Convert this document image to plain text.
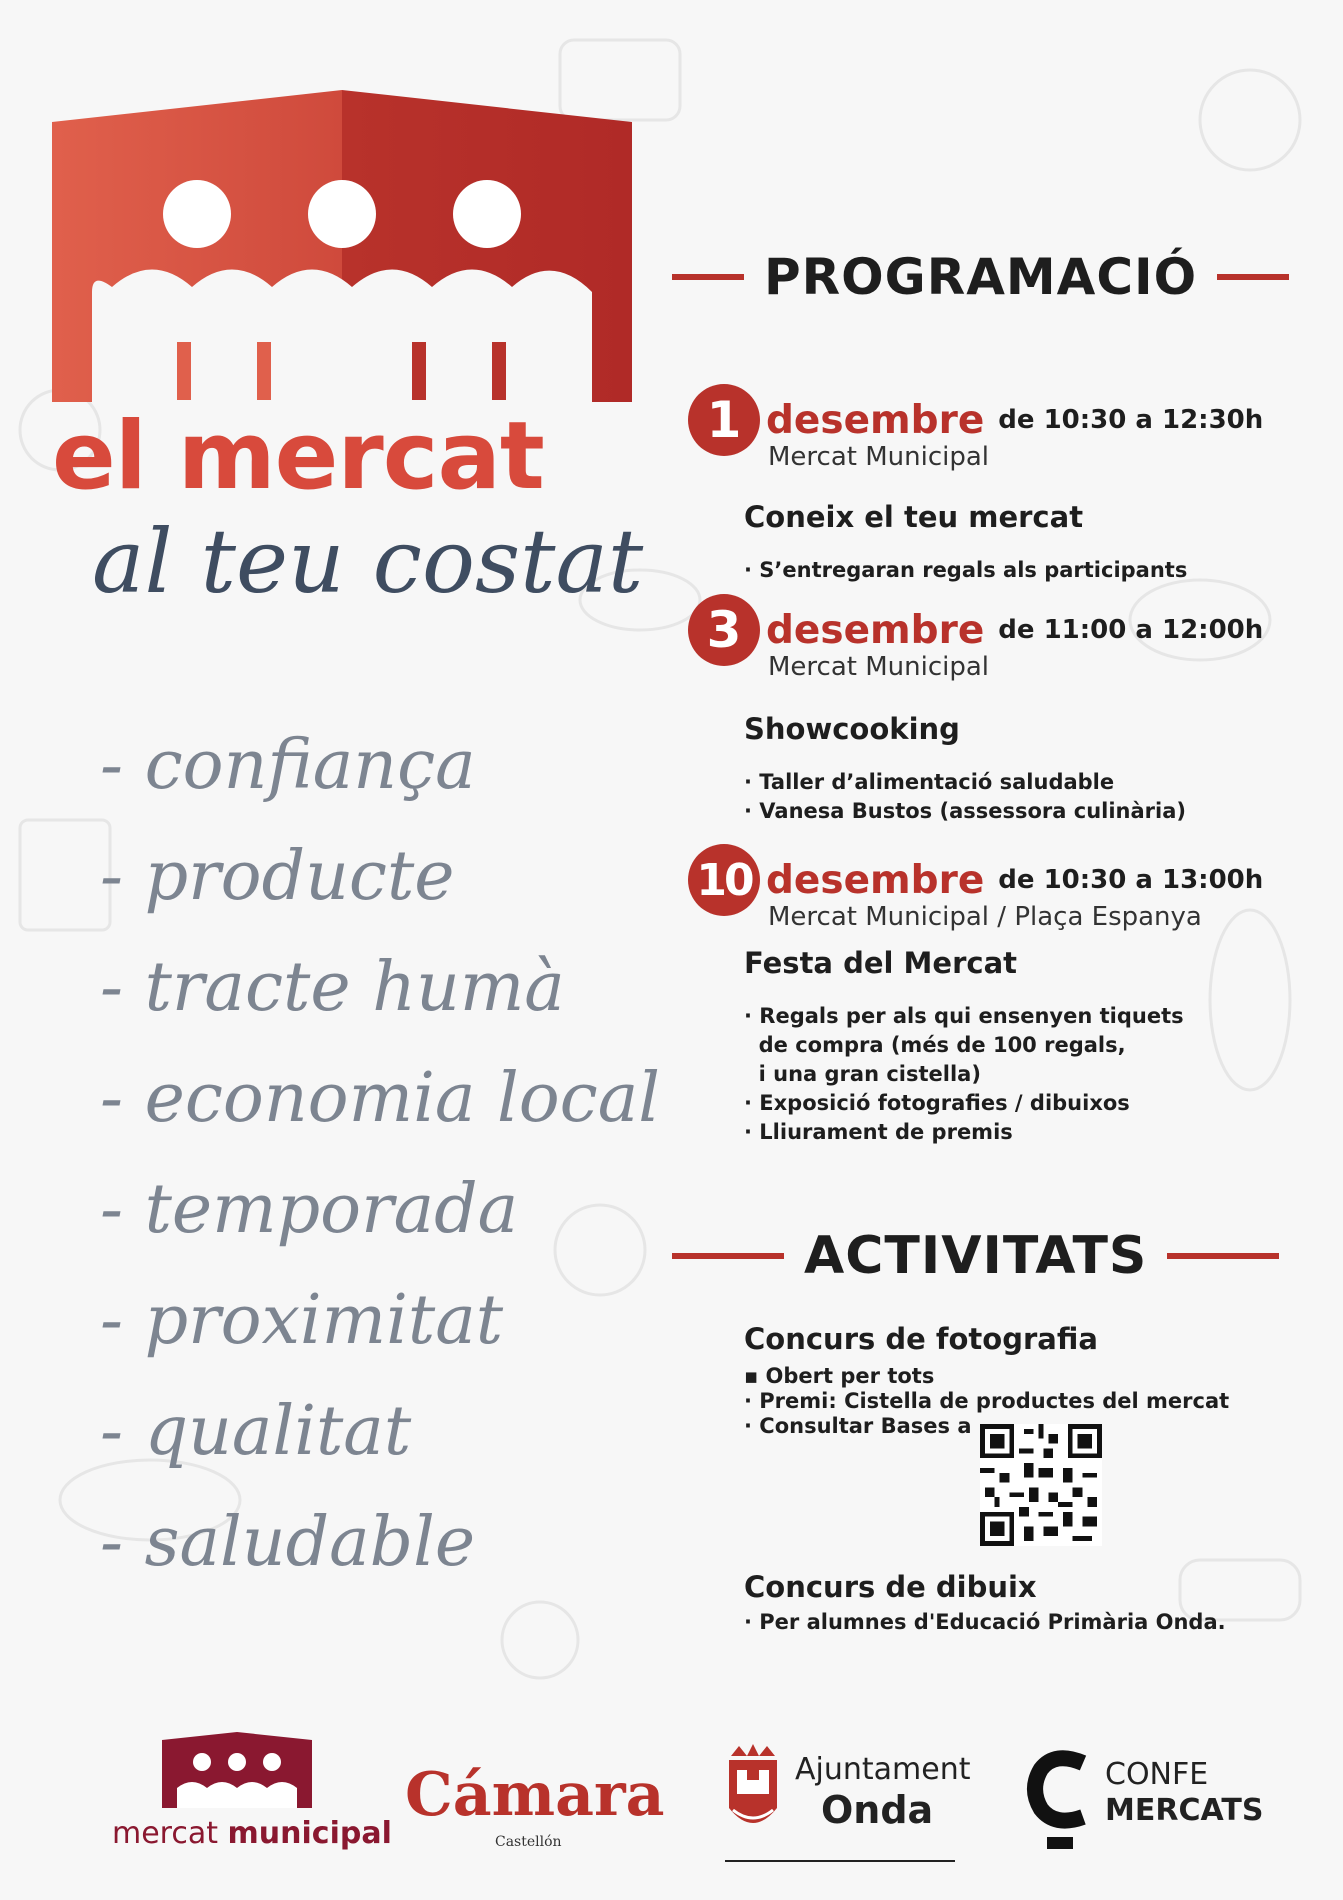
el mercat
al teu costat
- confiança
- producte
- tracte humà
- economia local
- temporada
- proximitat
- qualitat
- saludable
PROGRAMACIÓ
1 desembre de 10:30 a 12:30h
Mercat Municipal
Coneix el teu mercat
· S’entregaran regals als participants
3 desembre de 11:00 a 12:00h
Mercat Municipal
Showcooking
· Taller d’alimentació saludable
· Vanesa Bustos (assessora culinària)
10 desembre de 10:30 a 13:00h
Mercat Municipal / Plaça Espanya
Festa del Mercat
· Regals per als qui ensenyen tiquets
de compra (més de 100 regals,
i una gran cistella)
· Exposició fotografies / dibuixos
· Lliurament de premis
ACTIVITATS
Concurs de fotografia
▪ Obert per tots
· Premi: Cistella de productes del mercat
· Consultar Bases a
Concurs de dibuix
· Per alumnes d'Educació Primària Onda.
mercat municipal
Cámara
Castellón
Ajuntament
Onda
CONFE
MERCATS
